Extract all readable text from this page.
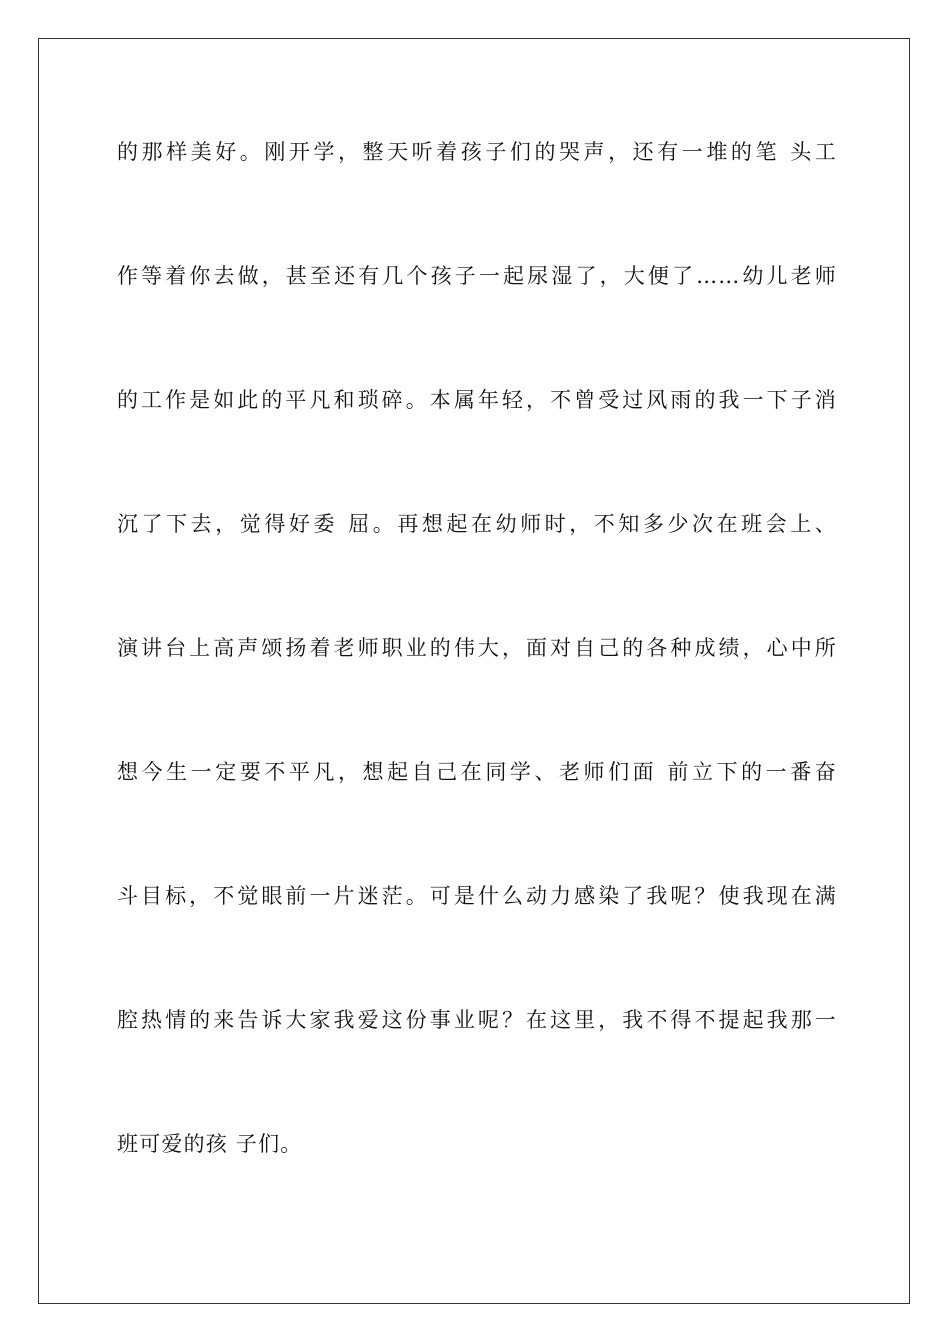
的那样美好。刚开学，整天听着孩子们的哭声，还有一堆的笔 头工
作等着你去做，甚至还有几个孩子一起尿湿了，大便了……幼儿老师
的工作是如此的平凡和琐碎。本属年轻，不曾受过风雨的我一下子消
沉了下去，觉得好委 屈。再想起在幼师时，不知多少次在班会上、
演讲台上高声颂扬着老师职业的伟大，面对自己的各种成绩，心中所
想今生一定要不平凡，想起自己在同学、老师们面 前立下的一番奋
斗目标，不觉眼前一片迷茫。可是什么动力感染了我呢？使我现在满
腔热情的来告诉大家我爱这份事业呢？在这里，我不得不提起我那一
班可爱的孩 子们。
